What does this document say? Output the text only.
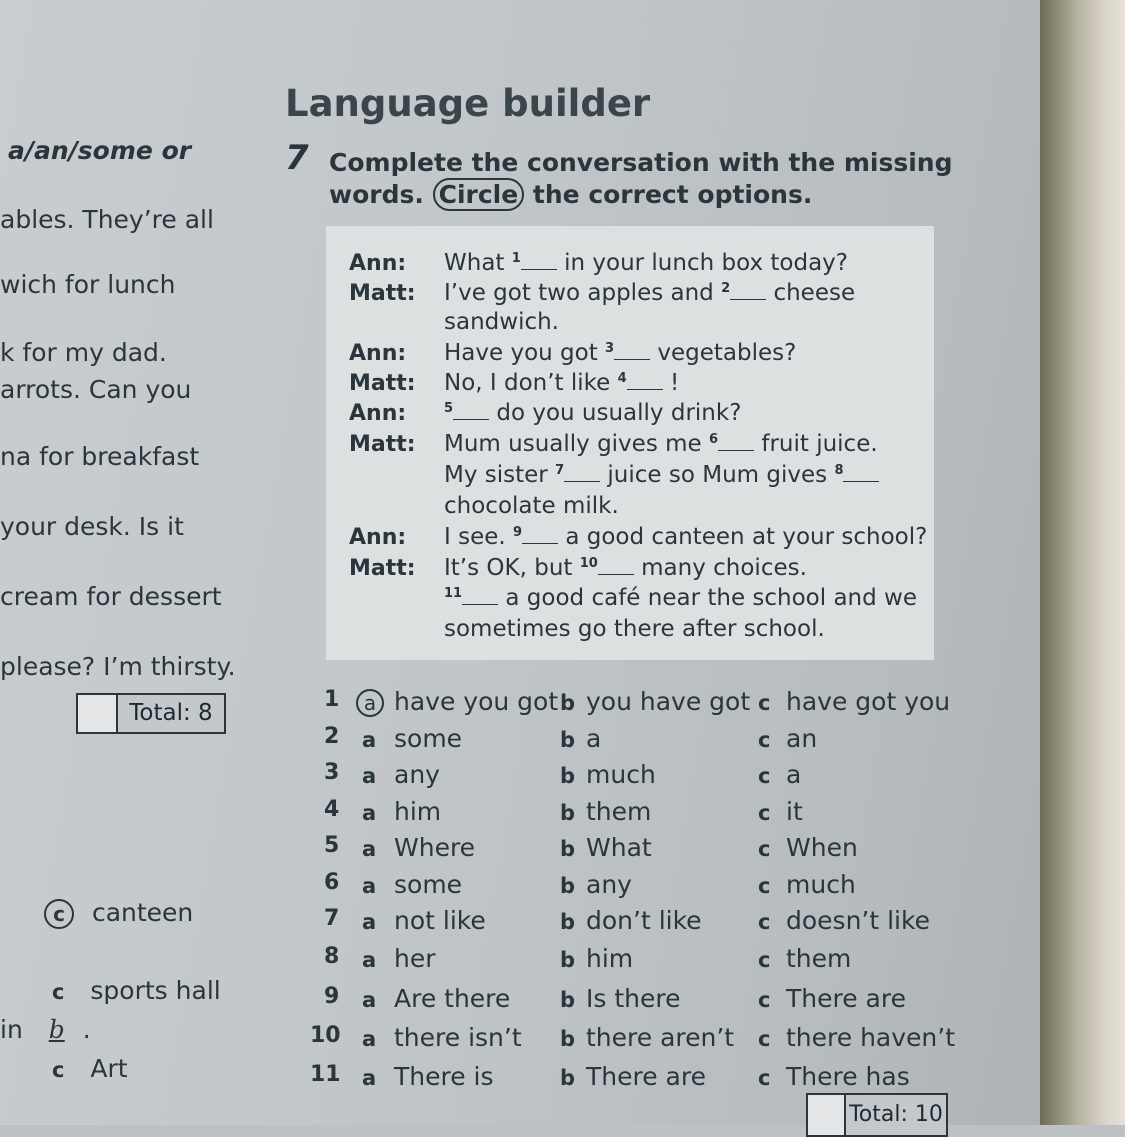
Language builder
a/an/some or
ables. They’re all
wich for lunch
k for my dad.
arrots. Can you
na for breakfast
your desk. Is it
cream for dessert
please? I’m thirsty.
Total: 8
c canteen
c sports hall
in b .
c Art
7 Complete the conversation with the missing
words. Circle the correct options.
Ann: What $^1$ in your lunch box today?
Matt: I’ve got two apples and $^2$ cheese
sandwich.
Ann: Have you got $^3$ vegetables?
Matt: No, I don’t like $^4$ !
Ann:	$^5$ do you usually drink?
Matt: Mum usually gives me $^6$ fruit juice.
My sister $^7$ juice so Mum gives $^8$
chocolate milk.
Ann: I see. $^9$ a good canteen at your school?
Matt: It’s OK, but $^{10}$ many choices.
$^{11}$ a good café near the school and we
sometimes go there after school.
1	a have you got b you have got c have got you
2 a some	b a	c an
3 a any	b much	c a
4 a him	b them	c it
5 a Where	b What	c When
6 a some	b any	c much
7 a not like	b don’t like	c doesn’t like
8 a her	b him	c them
9 a Are there b Is there	c There are
10 a there isn’t b there aren’t c there haven’t
11 a There is	b There are c There has
Total: 10
